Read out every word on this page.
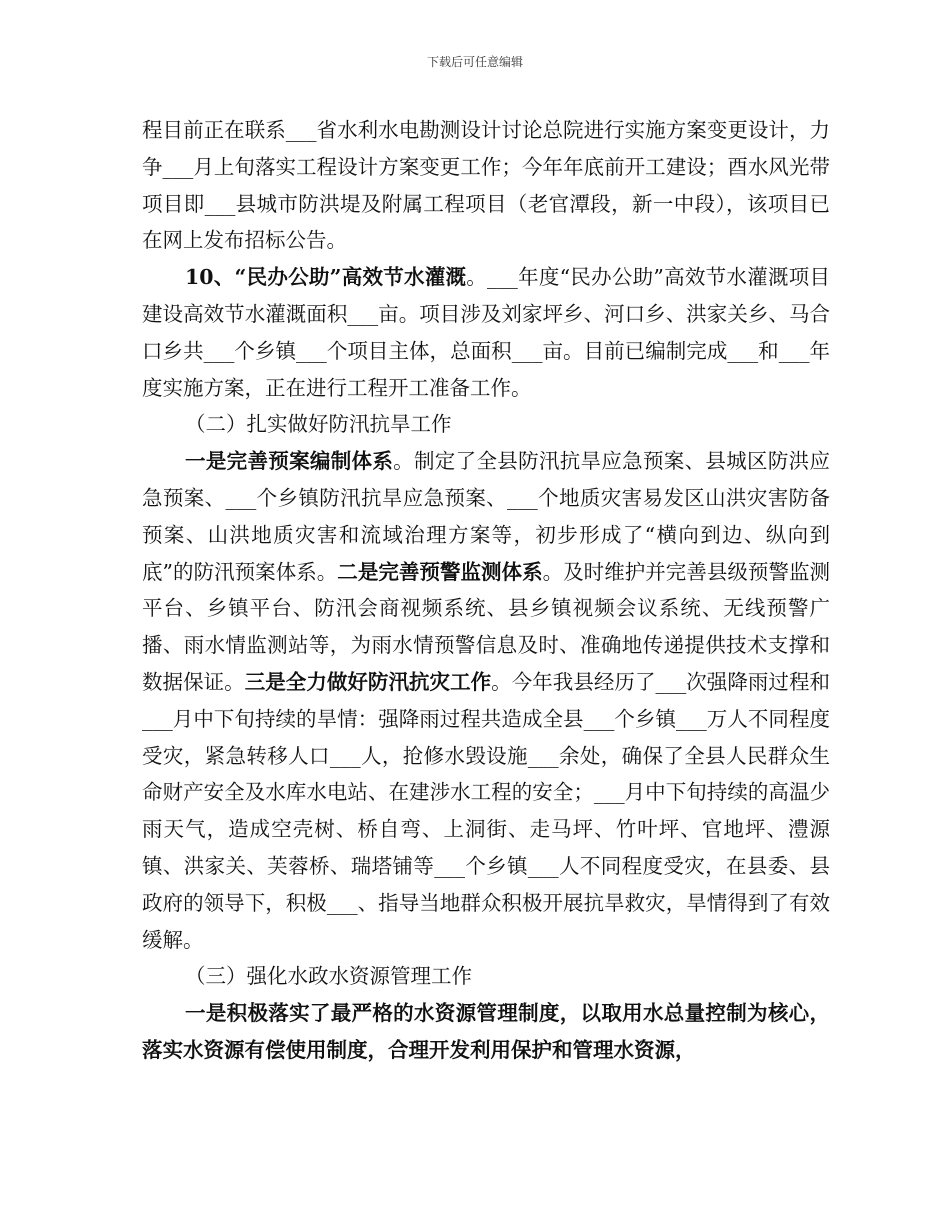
下载后可任意编辑

程目前正在联系___省水利水电勘测设计讨论总院进行实施方案变更设计，力争___月上旬落实工程设计方案变更工作；今年年底前开工建设；酉水风光带项目即___县城市防洪堤及附属工程项目（老官潭段，新一中段），该项目已在网上发布招标公告。

10、“民办公助”高效节水灌溉。___年度“民办公助”高效节水灌溉项目建设高效节水灌溉面积___亩。项目涉及刘家坪乡、河口乡、洪家关乡、马合口乡共___个乡镇___个项目主体，总面积___亩。目前已编制完成___和___年度实施方案，正在进行工程开工准备工作。

（二）扎实做好防汛抗旱工作

一是完善预案编制体系。制定了全县防汛抗旱应急预案、县城区防洪应急预案、___个乡镇防汛抗旱应急预案、___个地质灾害易发区山洪灾害防备预案、山洪地质灾害和流域治理方案等，初步形成了“横向到边、纵向到底”的防汛预案体系。二是完善预警监测体系。及时维护并完善县级预警监测平台、乡镇平台、防汛会商视频系统、县乡镇视频会议系统、无线预警广播、雨水情监测站等，为雨水情预警信息及时、准确地传递提供技术支撑和数据保证。三是全力做好防汛抗灾工作。今年我县经历了___次强降雨过程和___月中下旬持续的旱情：强降雨过程共造成全县___个乡镇___万人不同程度受灾，紧急转移人口___人，抢修水毁设施___余处，确保了全县人民群众生命财产安全及水库水电站、在建涉水工程的安全；___月中下旬持续的高温少雨天气，造成空壳树、桥自弯、上洞街、走马坪、竹叶坪、官地坪、澧源镇、洪家关、芙蓉桥、瑞塔铺等___个乡镇___人不同程度受灾，在县委、县政府的领导下，积极___、指导当地群众积极开展抗旱救灾，旱情得到了有效缓解。

（三）强化水政水资源管理工作

一是积极落实了最严格的水资源管理制度，以取用水总量控制为核心，落实水资源有偿使用制度，合理开发利用保护和管理水资源，
